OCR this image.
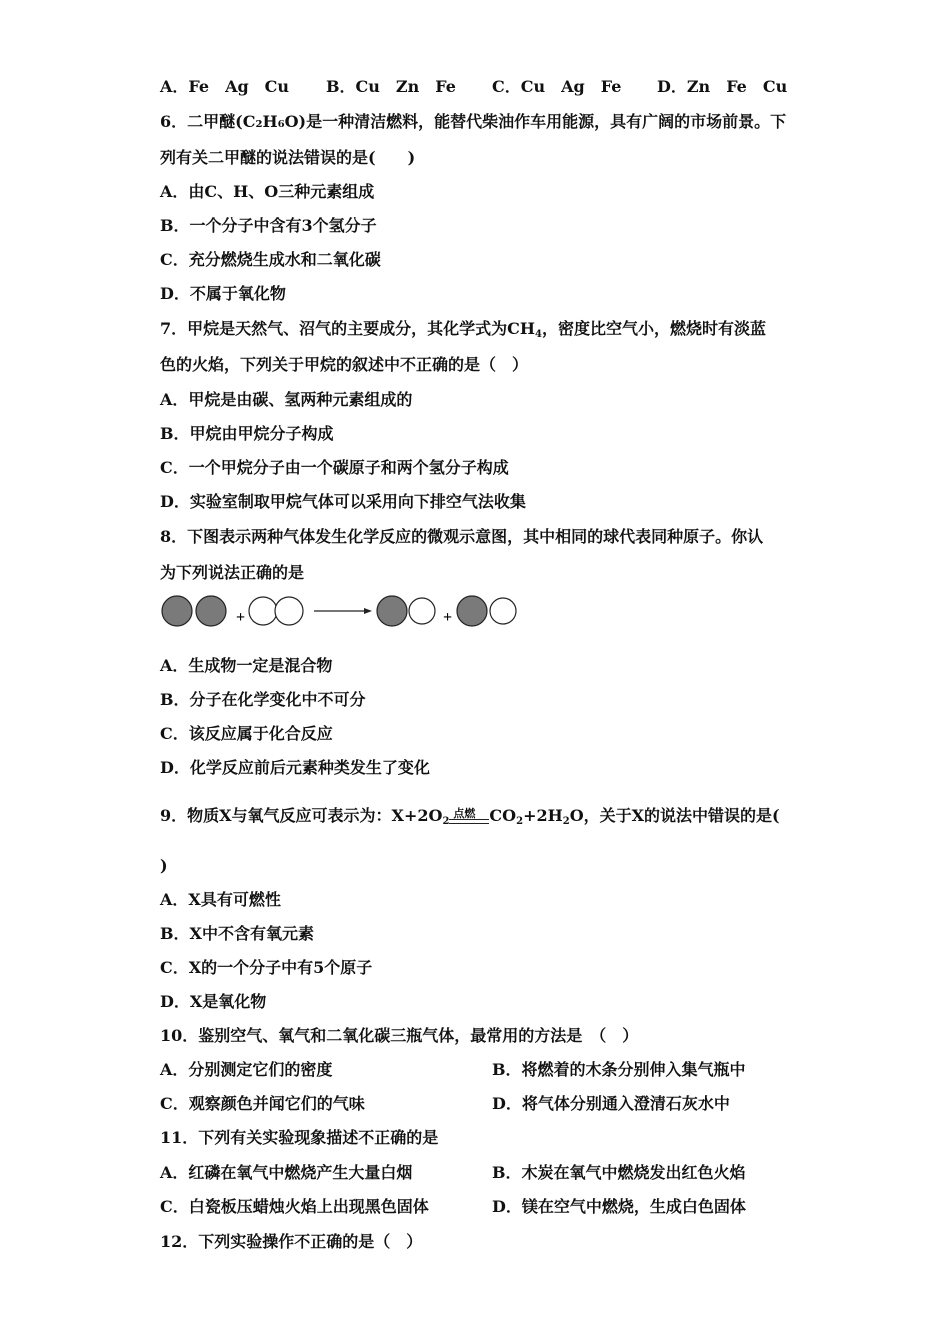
A．Fe　Ag　Cu B．Cu　Zn　Fe C．Cu　Ag　Fe D．Zn　Fe　Cu
6．二甲醚(C₂H₆O)是一种清洁燃料，能替代柴油作车用能源，具有广阔的市场前景。下
列有关二甲醚的说法错误的是(　　)
A．由C、H、O三种元素组成
B．一个分子中含有3个氢分子
C．充分燃烧生成水和二氧化碳
D．不属于氧化物
7．甲烷是天然气、沼气的主要成分，其化学式为$CH_4$，密度比空气小，燃烧时有淡蓝
色的火焰，下列关于甲烷的叙述中不正确的是（　）
A．甲烷是由碳、氢两种元素组成的
B．甲烷由甲烷分子构成
C．一个甲烷分子由一个碳原子和两个氢分子构成
D．实验室制取甲烷气体可以采用向下排空气法收集
8．下图表示两种气体发生化学反应的微观示意图，其中相同的球代表同种原子。你认
为下列说法正确的是
+	+
A．生成物一定是混合物
B．分子在化学变化中不可分
C．该反应属于化合反应
D．化学反应前后元素种类发生了变化
9．物质X与氧气反应可表示为：$X+2O_2$
点燃 $CO_2+2H_2O$，关于X的说法中错误的是(
)
A．X具有可燃性
B．X中不含有氧元素
C．X的一个分子中有5个原子
D．X是氧化物
10．鉴别空气、氧气和二氧化碳三瓶气体，最常用的方法是　（　）
A．分别测定它们的密度	B．将燃着的木条分别伸入集气瓶中
C．观察颜色并闻它们的气味	D．将气体分别通入澄清石灰水中
11．下列有关实验现象描述不正确的是
A．红磷在氧气中燃烧产生大量白烟	B．木炭在氧气中燃烧发出红色火焰
C．白瓷板压蜡烛火焰上出现黑色固体	D．镁在空气中燃烧，生成白色固体
12．下列实验操作不正确的是（　）
